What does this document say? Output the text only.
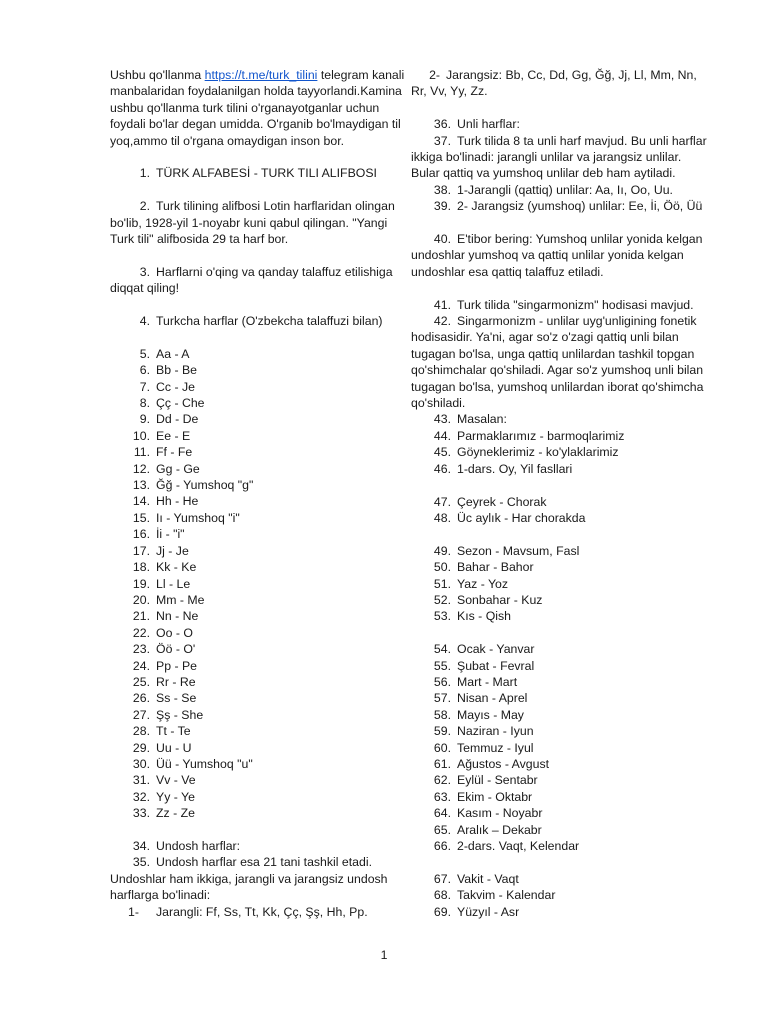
Ushbu qo'llanma https://t.me/turk_tilini telegram kanali manbalaridan foydalanilgan holda tayyorlandi.Kamina ushbu qo'llanma turk tilini o'rganayotganlar uchun foydali bo'lar degan umidda. O'rganib bo'lmaydigan til yoq,ammo til o'rgana omaydigan inson bor.

1. TÜRK ALFABESİ - TURK TILI ALIFBOSI

2. Turk tilining alifbosi Lotin harflaridan olingan bo'lib, 1928-yil 1-noyabr kuni qabul qilingan. "Yangi Turk tili" alifbosida 29 ta harf bor.

3. Harflarni o'qing va qanday talaffuz etilishiga diqqat qiling!

4. Turkcha harflar (O'zbekcha talaffuzi bilan)
5. Aa - A
6. Bb - Be
7. Cc - Je
8. Çç - Che
9. Dd - De
10. Ee - E
11. Ff - Fe
12. Gg - Ge
13. Ğğ - Yumshoq "g"
14. Hh - He
15. Iı - Yumshoq "i"
16. İi - "i"
17. Jj - Je
18. Kk - Ke
19. Ll - Le
20. Mm - Me
21. Nn - Ne
22. Oo - O
23. Öö - O'
24. Pp - Pe
25. Rr - Re
26. Ss - Se
27. Şş - She
28. Tt - Te
29. Uu - U
30. Üü - Yumshoq "u"
31. Vv - Ve
32. Yy - Ye
33. Zz - Ze
34. Undosh harflar:

35. Undosh harflar esa 21 tani tashkil etadi. Undoshlar ham ikkiga, jarangli va jarangsiz undosh harflarga bo'linadi:

1-	Jarangli: Ff, Ss, Tt, Kk, Çç, Şş, Hh, Pp.

2- Jarangsiz: Bb, Cc, Dd, Gg, Ğğ, Jj, Ll, Mm, Nn, Rr, Vv, Yy, Zz.

36. Unli harflar:

37. Turk tilida 8 ta unli harf mavjud. Bu unli harflar ikkiga bo'linadi: jarangli unlilar va jarangsiz unlilar. Bular qattiq va yumshoq unlilar deb ham aytiladi.

38. 1-Jarangli (qattiq) unlilar: Aa, Iı, Oo, Uu.
39. 2- Jarangsiz (yumshoq) unlilar: Ee, İi, Öö, Üü

40. E'tibor bering: Yumshoq unlilar yonida kelgan undoshlar yumshoq va qattiq unlilar yonida kelgan undoshlar esa qattiq talaffuz etiladi.

41. Turk tilida "singarmonizm" hodisasi mavjud.

42. Singarmonizm - unlilar uyg'unligining fonetik hodisasidir. Ya'ni, agar so'z o'zagi qattiq unli bilan tugagan bo'lsa, unga qattiq unlilardan tashkil topgan qo'shimchalar qo'shiladi. Agar so'z yumshoq unli bilan tugagan bo'lsa, yumshoq unlilardan iborat qo'shimcha qo'shiladi.

43. Masalan:
44. Parmaklarımız - barmoqlarimiz
45. Göyneklerimiz - ko'ylaklarimiz
46. 1-dars. Oy, Yil fasllari
47. Çeyrek - Chorak
48. Üc aylık - Har chorakda
49. Sezon - Mavsum, Fasl
50. Bahar - Bahor
51. Yaz - Yoz
52. Sonbahar - Kuz
53. Kıs - Qish
54. Ocak - Yanvar
55. Şubat - Fevral
56. Mart - Mart
57. Nisan - Aprel
58. Mayıs - May
59. Naziran - Iyun
60. Temmuz - Iyul
61. Ağustos - Avgust
62. Eylül - Sentabr
63. Ekim - Oktabr
64. Kasım - Noyabr
65. Aralık – Dekabr
66. 2-dars. Vaqt, Kelendar
67. Vakit - Vaqt
68. Takvim - Kalendar
69. Yüzyıl - Asr
1
